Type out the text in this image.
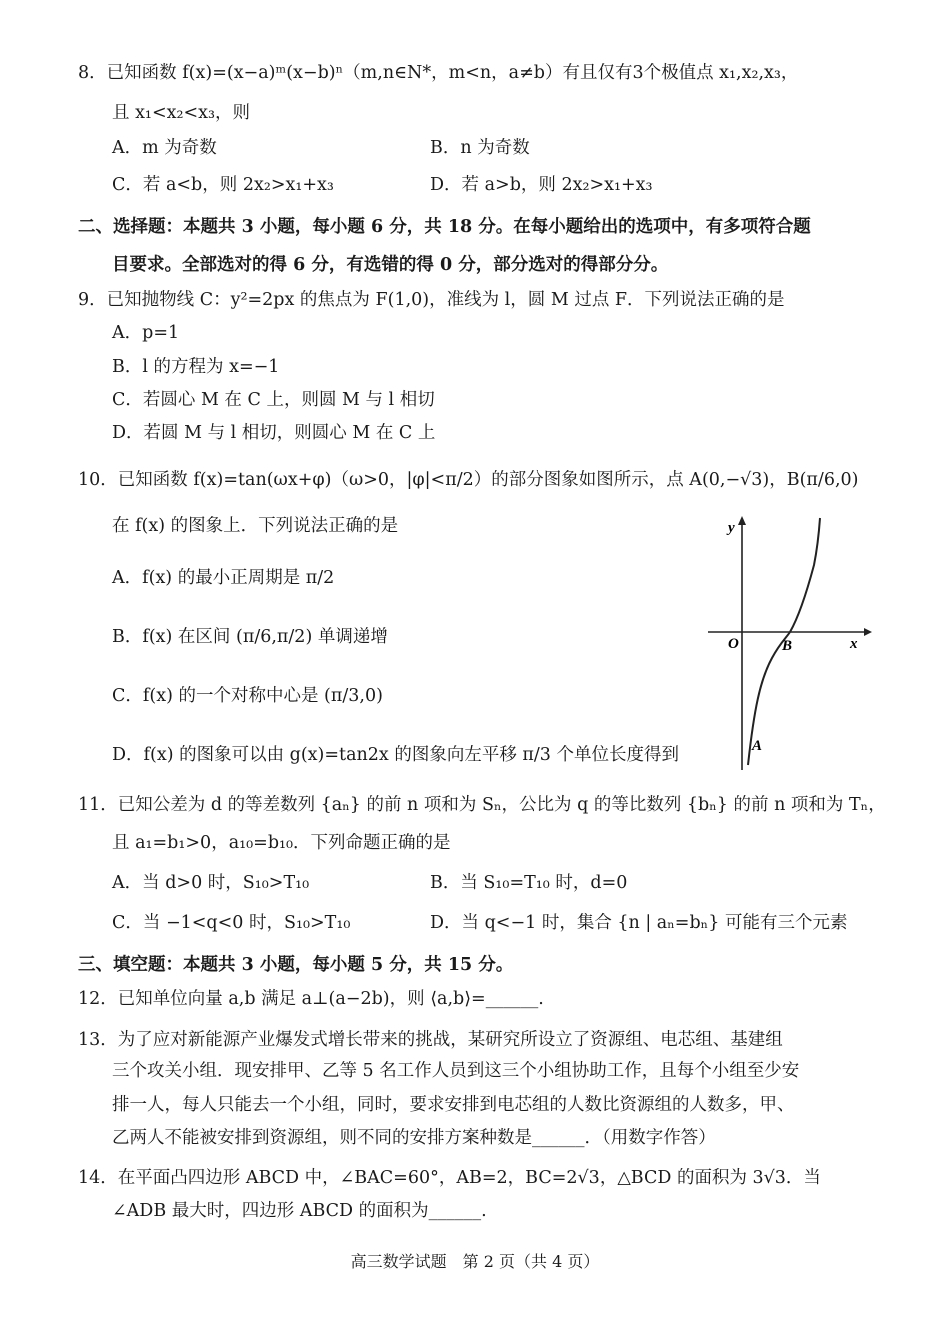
8．已知函数 f(x)=(x−a)ᵐ(x−b)ⁿ（m,n∈N*，m<n，a≠b）有且仅有3个极值点 x₁,x₂,x₃，
且 x₁<x₂<x₃，则
A．m 为奇数	B．n 为奇数
C．若 a<b，则 2x₂>x₁+x₃	D．若 a>b，则 2x₂>x₁+x₃
二、选择题：本题共 3 小题，每小题 6 分，共 18 分。在每小题给出的选项中，有多项符合题
目要求。全部选对的得 6 分，有选错的得 0 分，部分选对的得部分分。
9．已知抛物线 C：y²=2px 的焦点为 F(1,0)，准线为 l，圆 M 过点 F．下列说法正确的是
A．p=1
B．l 的方程为 x=−1
C．若圆心 M 在 C 上，则圆 M 与 l 相切
D．若圆 M 与 l 相切，则圆心 M 在 C 上
10．已知函数 f(x)=tan(ωx+φ)（ω>0，|φ|<π/2）的部分图象如图所示，点 A(0,−√3)，B(π/6,0)
在 f(x) 的图象上．下列说法正确的是
A．f(x) 的最小正周期是 π/2
B．f(x) 在区间 (π/6,π/2) 单调递增
C．f(x) 的一个对称中心是 (π/3,0)
D．f(x) 的图象可以由 g(x)=tan2x 的图象向左平移 π/3 个单位长度得到
y
x
O	B
A
11．已知公差为 d 的等差数列 {aₙ} 的前 n 项和为 Sₙ，公比为 q 的等比数列 {bₙ} 的前 n 项和为 Tₙ，
且 a₁=b₁>0，a₁₀=b₁₀．下列命题正确的是
A．当 d>0 时，S₁₀>T₁₀	B．当 S₁₀=T₁₀ 时，d=0
C．当 −1<q<0 时，S₁₀>T₁₀	D．当 q<−1 时，集合 {n | aₙ=bₙ} 可能有三个元素
三、填空题：本题共 3 小题，每小题 5 分，共 15 分。
12．已知单位向量 a,b 满足 a⊥(a−2b)，则 ⟨a,b⟩=______.
13．为了应对新能源产业爆发式增长带来的挑战，某研究所设立了资源组、电芯组、基建组
三个攻关小组．现安排甲、乙等 5 名工作人员到这三个小组协助工作，且每个小组至少安
排一人，每人只能去一个小组，同时，要求安排到电芯组的人数比资源组的人数多，甲、
乙两人不能被安排到资源组，则不同的安排方案种数是______．（用数字作答）
14．在平面凸四边形 ABCD 中，∠BAC=60°，AB=2，BC=2√3，△BCD 的面积为 3√3．当
∠ADB 最大时，四边形 ABCD 的面积为______.
高三数学试题　第 2 页（共 4 页）
